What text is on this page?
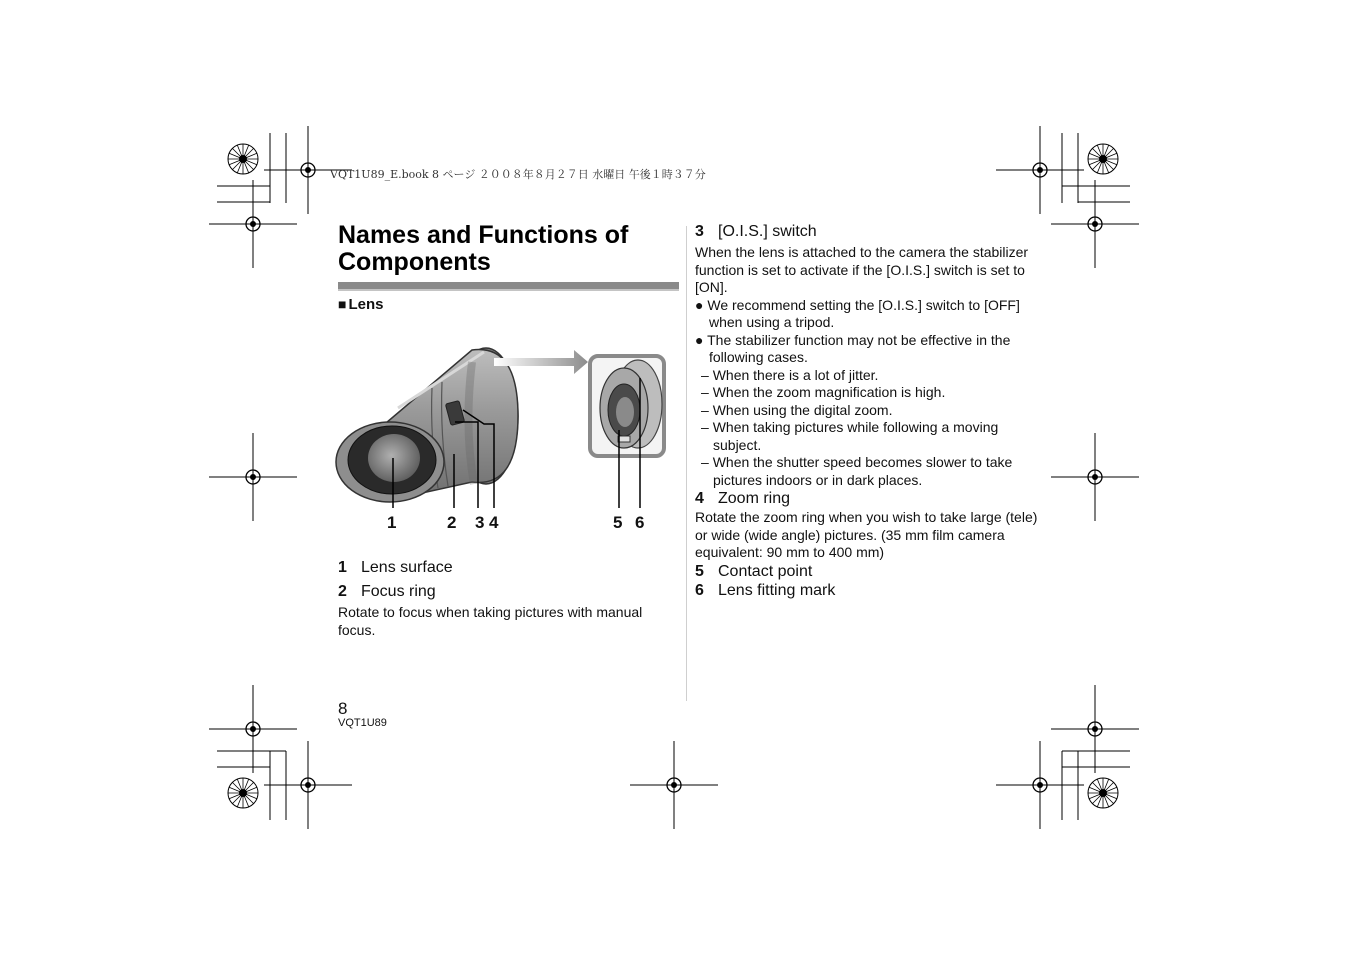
VQT1U89_E.book 8 ページ ２００８年８月２７日 水曜日 午後１時３７分
Names and Functions of Components
■ Lens
1	2 3 4	5 6
1 Lens surface
2 Focus ring
Rotate to focus when taking pictures with manual focus.
3 [O.I.S.] switch
When the lens is attached to the camera the stabilizer function is set to activate if the [O.I.S.] switch is set to [ON].
● We recommend setting the [O.I.S.] switch to [OFF] when using a tripod.
● The stabilizer function may not be effective in the following cases.
– When there is a lot of jitter.
– When the zoom magnification is high.
– When using the digital zoom.
– When taking pictures while following a moving subject.
– When the shutter speed becomes slower to take pictures indoors or in dark places.
4 Zoom ring
Rotate the zoom ring when you wish to take large (tele) or wide (wide angle) pictures. (35 mm film camera equivalent: 90 mm to 400 mm)
5 Contact point
6 Lens fitting mark
8
VQT1U89
